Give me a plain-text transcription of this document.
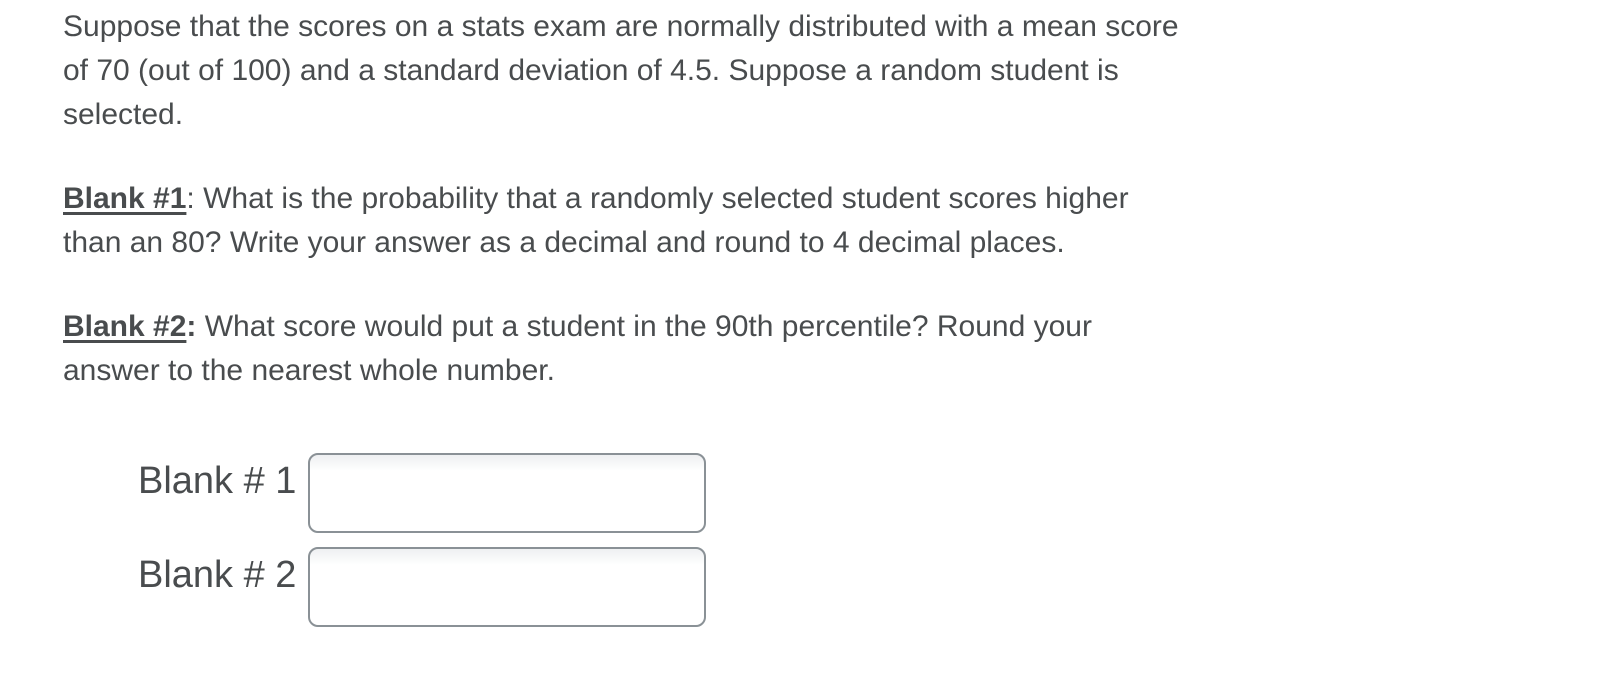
Suppose that the scores on a stats exam are normally distributed with a mean score
of 70 (out of 100) and a standard deviation of 4.5. Suppose a random student is
selected.

Blank #1: What is the probability that a randomly selected student scores higher
than an 80? Write your answer as a decimal and round to 4 decimal places.

Blank #2: What score would put a student in the 90th percentile? Round your
answer to the nearest whole number.

Blank # 1
Blank # 2
